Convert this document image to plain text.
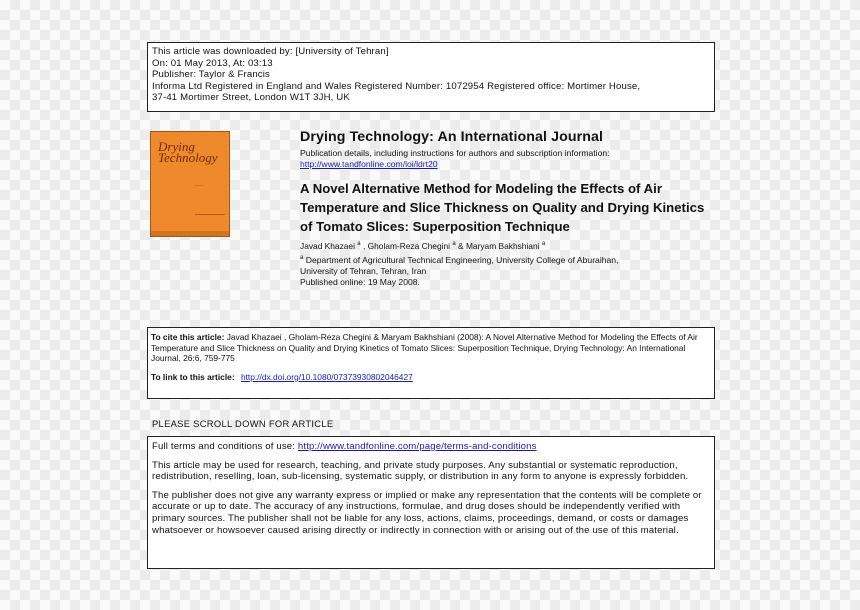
This article was downloaded by: [University of Tehran]
On: 01 May 2013, At: 03:13
Publisher: Taylor & Francis
Informa Ltd Registered in England and Wales Registered Number: 1072954 Registered office: Mortimer House,
37-41 Mortimer Street, London W1T 3JH, UK
Drying
Technology
────
Drying Technology: An International Journal
Publication details, including instructions for authors and subscription information:
http://www.tandfonline.com/loi/ldrt20
A Novel Alternative Method for Modeling the Effects of Air Temperature and Slice Thickness on Quality and Drying Kinetics of Tomato Slices: Superposition Technique
Javad Khazaei $^a$ , Gholam-Reza Chegini $^a$ & Maryam Bakhshiani $^a$
$^a$ Department of Agricultural Technical Engineering, University College of Aburaihan,
University of Tehran, Tehran, Iran
Published online: 19 May 2008.
To cite this article: Javad Khazaei , Gholam-Reza Chegini & Maryam Bakhshiani (2008): A Novel Alternative Method for Modeling the Effects of Air Temperature and Slice Thickness on Quality and Drying Kinetics of Tomato Slices: Superposition Technique, Drying Technology: An International Journal, 26:6, 759-775
To link to this article: http://dx.doi.org/10.1080/07373930802046427
PLEASE SCROLL DOWN FOR ARTICLE

Full terms and conditions of use: http://www.tandfonline.com/page/terms-and-conditions

This article may be used for research, teaching, and private study purposes. Any substantial or systematic reproduction, redistribution, reselling, loan, sub-licensing, systematic supply, or distribution in any form to anyone is expressly forbidden.

The publisher does not give any warranty express or implied or make any representation that the contents will be complete or accurate or up to date. The accuracy of any instructions, formulae, and drug doses should be independently verified with primary sources. The publisher shall not be liable for any loss, actions, claims, proceedings, demand, or costs or damages whatsoever or howsoever caused arising directly or indirectly in connection with or arising out of the use of this material.
